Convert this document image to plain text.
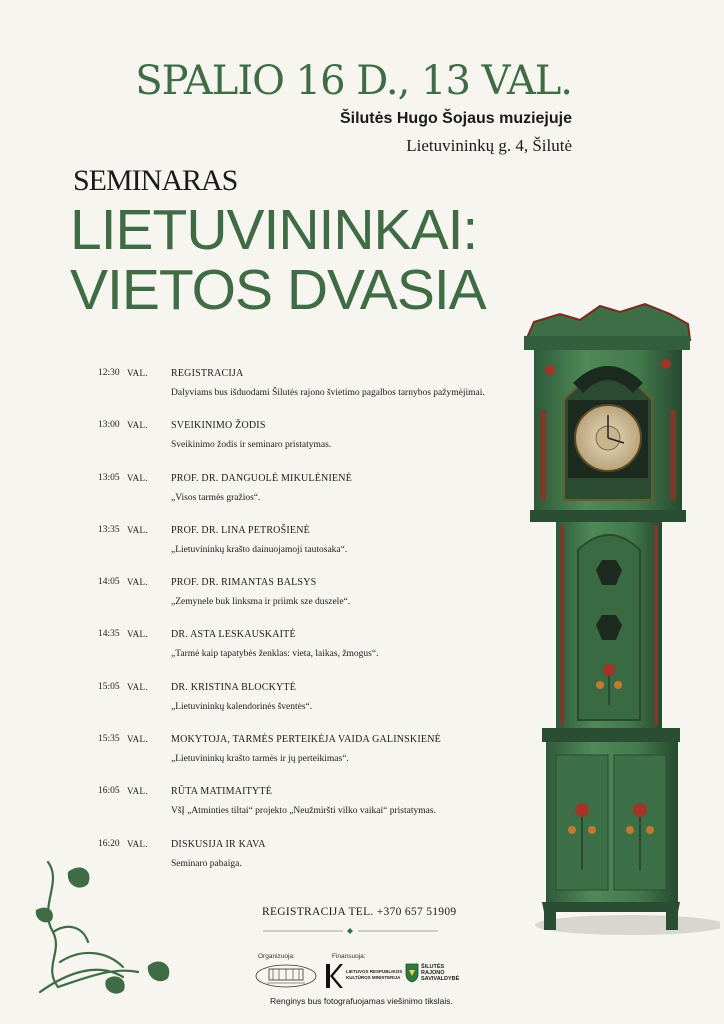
SPALIO 16 D., 13 VAL.
Šilutės Hugo Šojaus muziejuje
Lietuvininkų g. 4, Šilutė
SEMINARAS
LIETUVININKAI:
VIETOS DVASIA
12:30 VAL. REGISTRACIJA
Dalyviams bus išduodami Šilutės rajono švietimo pagalbos tarnybos pažymėjimai.
13:00 VAL. SVEIKINIMO ŽODIS
Sveikinimo žodis ir seminaro pristatymas.
13:05 VAL. PROF. DR. DANGUOLĖ MIKULĖNIENĖ
„Visos tarmės gražios“.
13:35 VAL. PROF. DR. LINA PETROŠIENĖ
„Lietuvininkų krašto dainuojamoji tautosaka“.
14:05 VAL. PROF. DR. RIMANTAS BALSYS
„Zemynele buk linksma ir priimk sze duszele“.
14:35 VAL. DR. ASTA LESKAUSKAITĖ
„Tarmė kaip tapatybės ženklas: vieta, laikas, žmogus“.
15:05 VAL. DR. KRISTINA BLOCKYTĖ
„Lietuvininkų kalendorinės šventės“.
15:35 VAL. MOKYTOJA, TARMĖS PERTEIKĖJA VAIDA GALINSKIENĖ
„Lietuvininkų krašto tarmės ir jų perteikimas“.
16:05 VAL. RŪTA MATIMAITYTĖ
VšĮ „Atminties tiltai“ projekto „Neužmiršti vilko vaikai“ pristatymas.
16:20 VAL. DISKUSIJA IR KAVA
Seminaro pabaiga.
REGISTRACIJA TEL. +370 657 51909
Organizuoja:	Finansuoja:
LIETUVOS RESPUBLIKOS
KULTŪROS MINISTERIJA
ŠILUTĖS
RAJONO
SAVIVALDYBĖ
Renginys bus fotografuojamas viešinimo tikslais.
